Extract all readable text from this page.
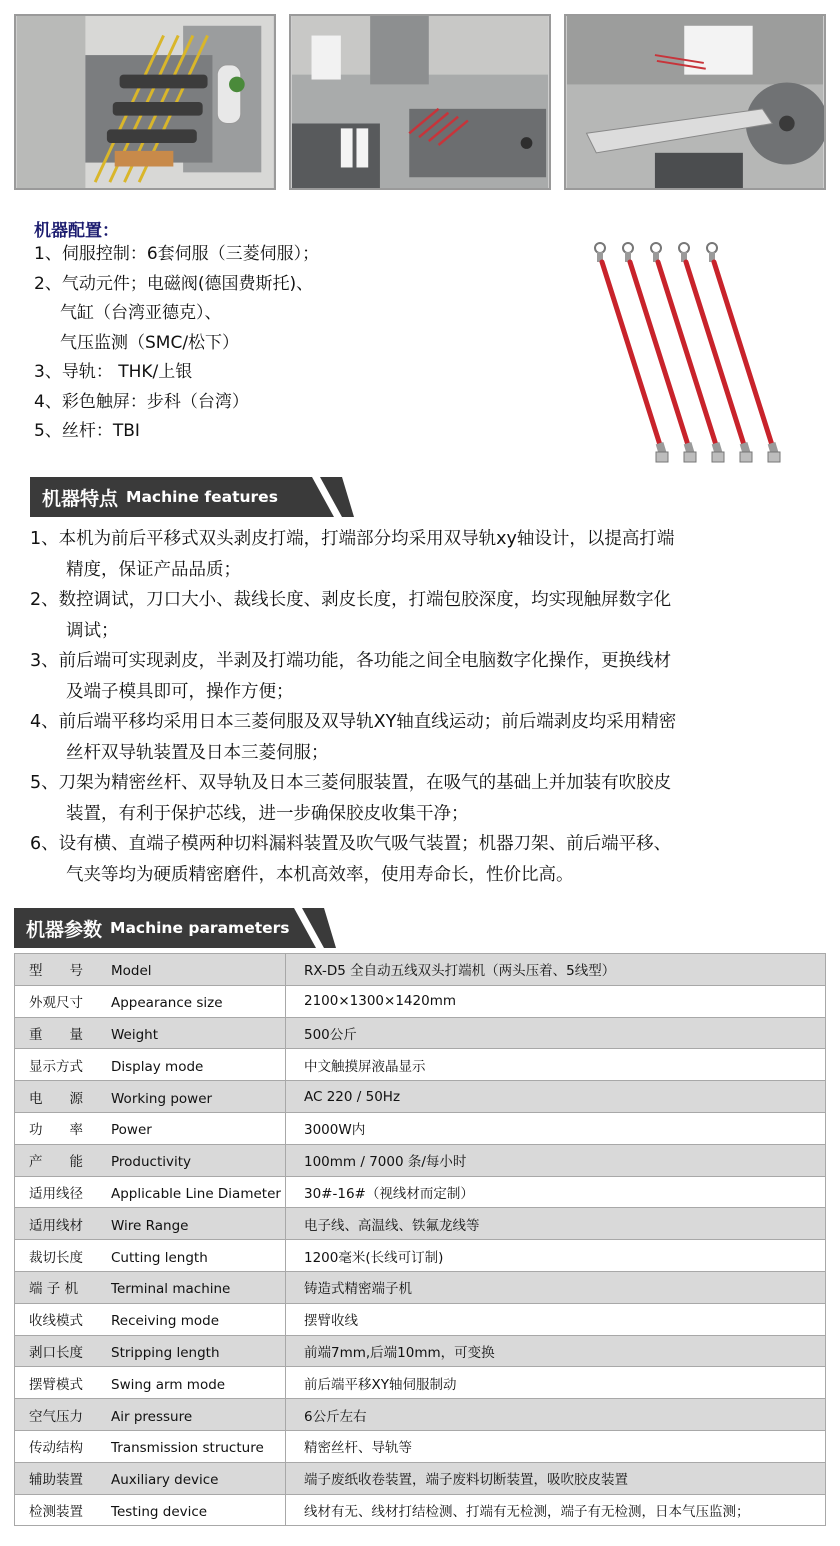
机器配置：
1、伺服控制：6套伺服（三菱伺服）；
2、气动元件；电磁阀(德国费斯托)、
气缸（台湾亚德克）、
气压监测（SMC/松下）
3、导轨： THK/上银
4、彩色触屏：步科（台湾）
5、丝杆：TBI
机器特点 Machine features
1、本机为前后平移式双头剥皮打端，打端部分均采用双导轨xy轴设计，以提高打端
精度，保证产品品质；
2、数控调试，刀口大小、裁线长度、剥皮长度，打端包胶深度，均实现触屏数字化
调试；
3、前后端可实现剥皮，半剥及打端功能，各功能之间全电脑数字化操作，更换线材
及端子模具即可，操作方便；
4、前后端平移均采用日本三菱伺服及双导轨XY轴直线运动；前后端剥皮均采用精密
丝杆双导轨装置及日本三菱伺服；
5、刀架为精密丝杆、双导轨及日本三菱伺服装置，在吸气的基础上并加装有吹胶皮
装置，有利于保护芯线，进一步确保胶皮收集干净；
6、设有横、直端子模两种切料漏料装置及吹气吸气装置；机器刀架、前后端平移、
气夹等均为硬质精密磨件，本机高效率，使用寿命长，性价比高。
机器参数 Machine parameters
型　　号 Model	RX-D5 全自动五线双头打端机（两头压着、5线型）
外观尺寸 Appearance size	2100×1300×1420mm
重　　量 Weight	500公斤
显示方式 Display mode	中文触摸屏液晶显示
电　　源 Working power	AC 220 / 50Hz
功　　率 Power	3000W内
产　　能 Productivity	100mm / 7000 条/每小时
适用线径 Applicable Line Diameter	30#-16#（视线材而定制）
适用线材 Wire Range	电子线、高温线、铁氟龙线等
裁切长度 Cutting length	1200毫米(长线可订制)
端 子 机 Terminal machine	铸造式精密端子机
收线模式 Receiving mode	摆臂收线
剥口长度 Stripping length	前端7mm,后端10mm，可变换
摆臂模式 Swing arm mode	前后端平移XY轴伺服制动
空气压力 Air pressure	6公斤左右
传动结构 Transmission structure	精密丝杆、导轨等
辅助装置 Auxiliary device	端子废纸收卷装置，端子废料切断装置，吸吹胶皮装置
检测装置 Testing device	线材有无、线材打结检测、打端有无检测，端子有无检测，日本气压监测；
